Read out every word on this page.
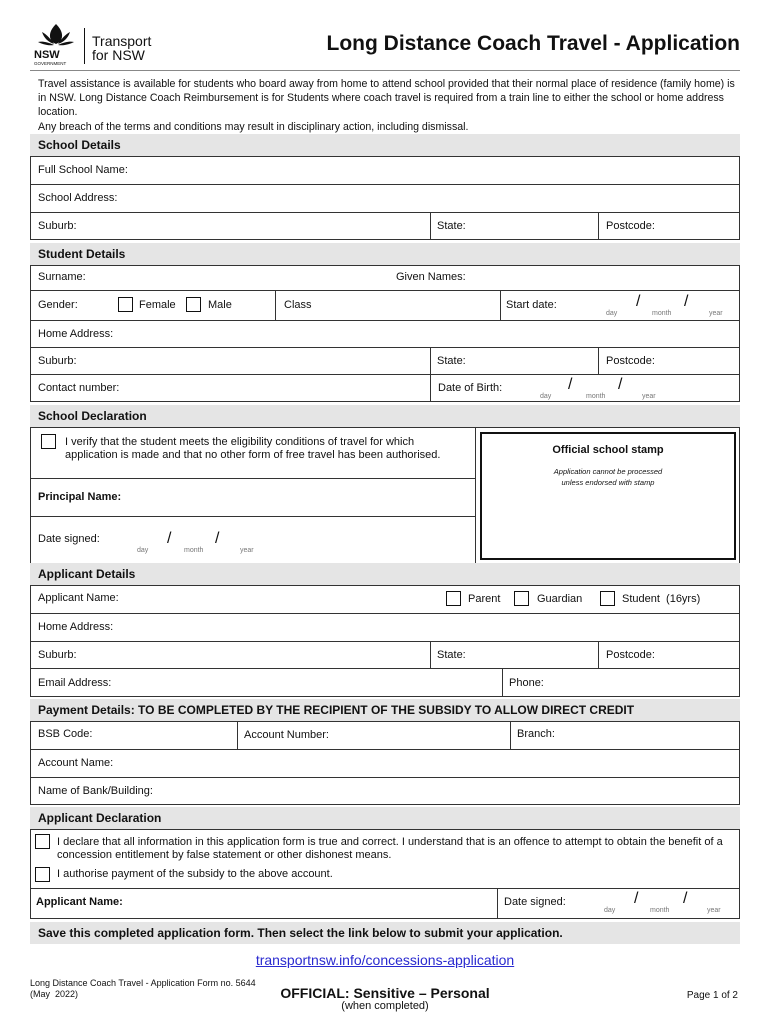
NSW
GOVERNMENT
Transport
for NSW	Long Distance Coach Travel - Application
Travel assistance is available for students who board away from home to attend school provided that their normal place of residence (family home) is in NSW. Long Distance Coach Reimbursement is for Students where coach travel is required from a train line to either the school or home address location.
Any breach of the terms and conditions may result in disciplinary action, including dismissal.
School Details
Full School Name:
School Address:
Suburb:	State:	Postcode:
Student Details
Surname:	Given Names:
Gender:	Female	Male	Class	Start date:	/	/
day	month	year
Home Address:
Suburb:	State:	Postcode:
Contact number:	Date of Birth:	/	/
day	month	year
School Declaration
I verify that the student meets the eligibility conditions of travel for which application is made and that no other form of free travel has been authorised.
Principal Name:
Date signed:	/	/
day	month	year
Official school stamp
Application cannot be processed unless endorsed with stamp
Applicant Details
Applicant Name:	Parent	Guardian	Student  (16yrs)
Home Address:
Suburb:	State:	Postcode:
Email Address:	Phone:
Payment Details: TO BE COMPLETED BY THE RECIPIENT OF THE SUBSIDY TO ALLOW DIRECT CREDIT
BSB Code:	Account Number:	Branch:
Account Name:
Name of Bank/Building:
Applicant Declaration
I declare that all information in this application form is true and correct. I understand that is an offence to attempt to obtain the benefit of a concession entitlement by false statement or other dishonest means.
I authorise payment of the subsidy to the above account.
Applicant Name:	Date signed:	/	/
day	month	year
Save this completed application form. Then select the link below to submit your application.
transportnsw.info/concessions-application
Long Distance Coach Travel - Application Form no. 5644
(May  2022)	OFFICIAL: Sensitive – Personal
(when completed)
Page 1 of 2
